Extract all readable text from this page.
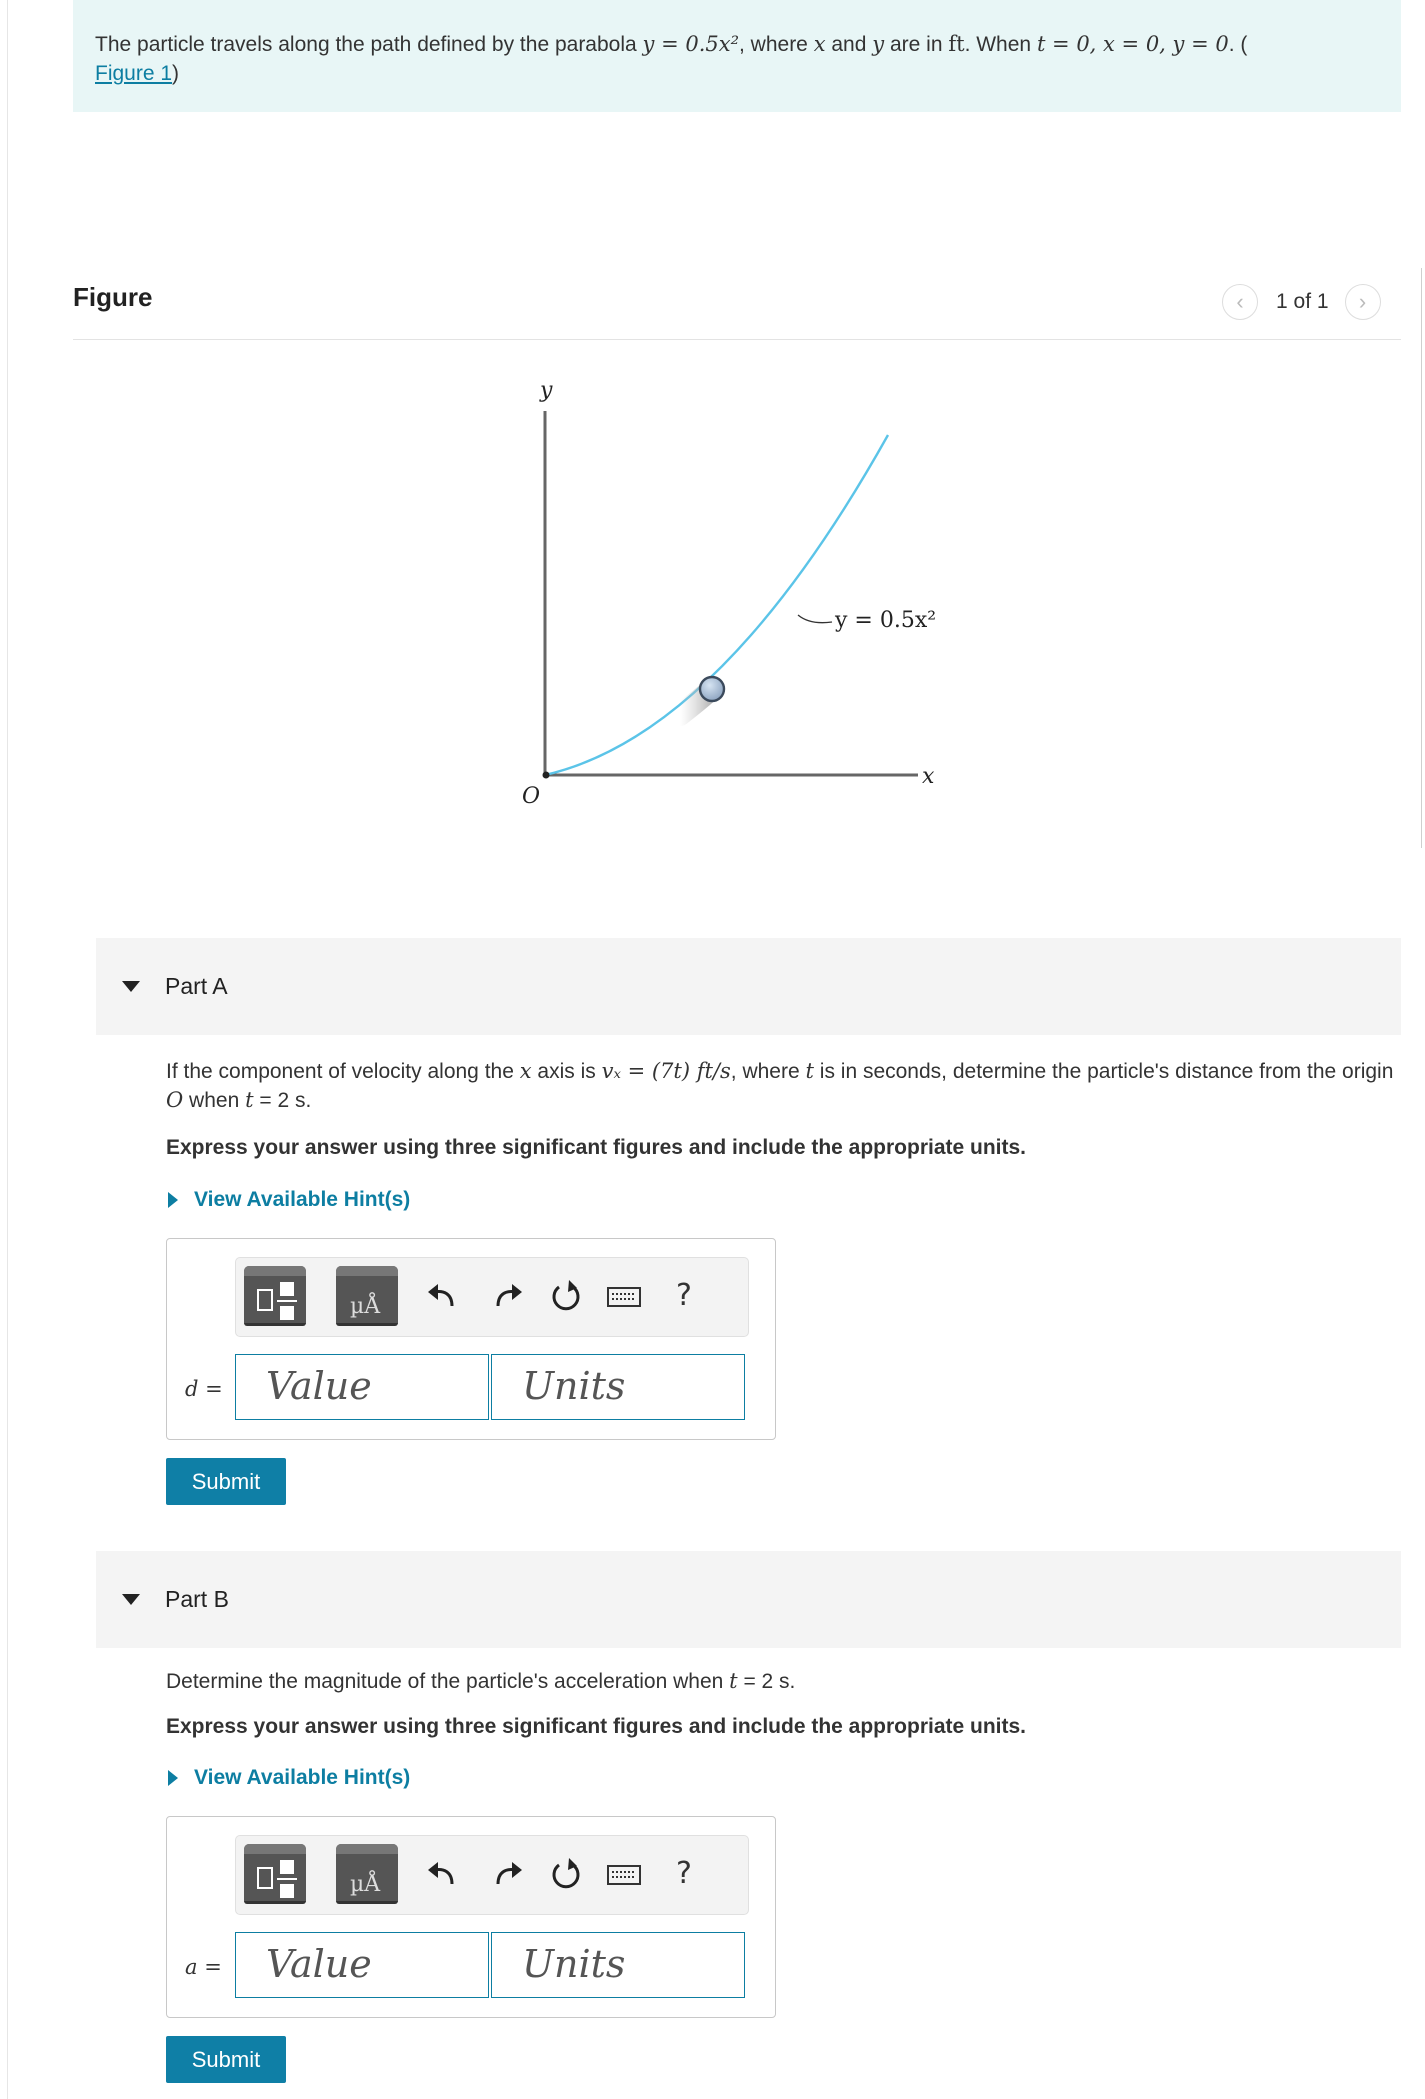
The particle travels along the path defined by the parabola y = 0.5x², where x and y are in ft. When t = 0, x = 0, y = 0. (
Figure 1)
Figure	‹	1 of 1	›
y
x
O
y = 0.5x²
Part A
If the component of velocity along the x axis is vₓ = (7t) ft/s, where t is in seconds, determine the particle's distance from the origin O when t = 2 s.
Express your answer using three significant figures and include the appropriate units.
View Available Hint(s)
µÅ	?
d =	Value	Units
Submit
Part B
Determine the magnitude of the particle's acceleration when t = 2 s.
Express your answer using three significant figures and include the appropriate units.
View Available Hint(s)
µÅ	?
a =	Value	Units
Submit
